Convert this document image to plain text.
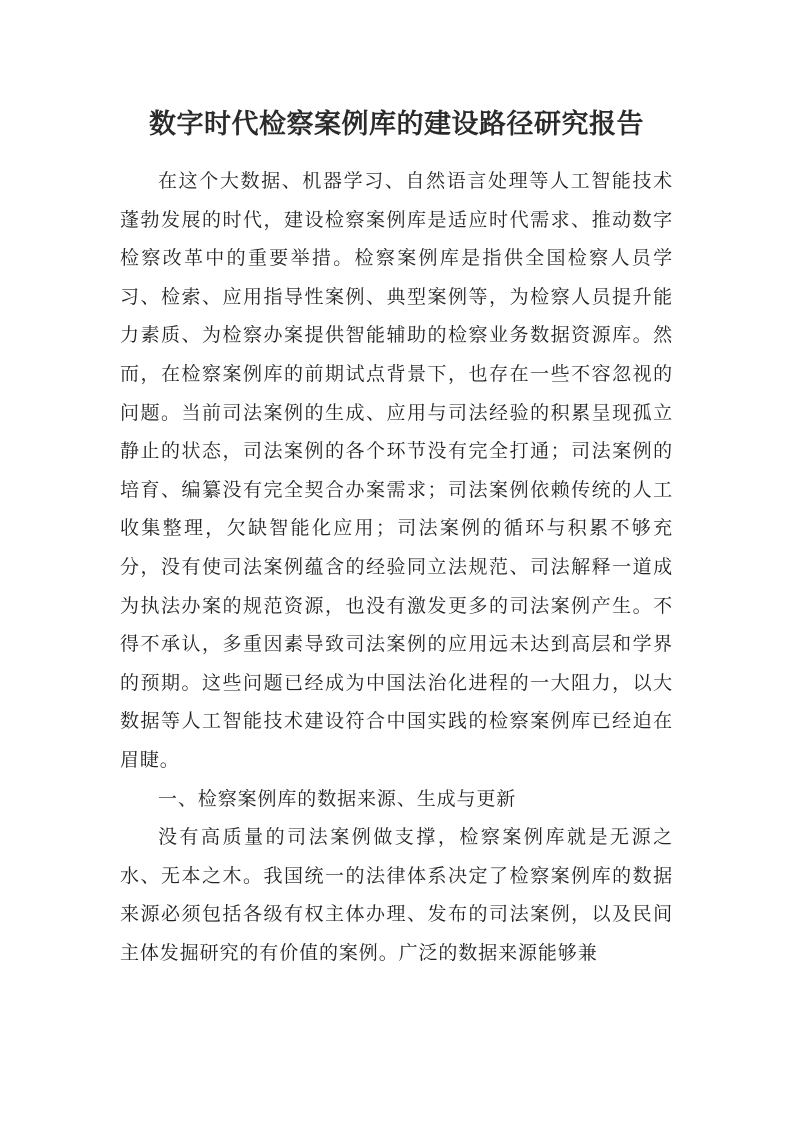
数字时代检察案例库的建设路径研究报告

在这个大数据、机器学习、自然语言处理等人工智能技术蓬勃发展的时代，建设检察案例库是适应时代需求、推动数字检察改革中的重要举措。检察案例库是指供全国检察人员学习、检索、应用指导性案例、典型案例等，为检察人员提升能力素质、为检察办案提供智能辅助的检察业务数据资源库。然而，在检察案例库的前期试点背景下，也存在一些不容忽视的问题。当前司法案例的生成、应用与司法经验的积累呈现孤立静止的状态，司法案例的各个环节没有完全打通；司法案例的培育、编纂没有完全契合办案需求；司法案例依赖传统的人工收集整理，欠缺智能化应用；司法案例的循环与积累不够充分，没有使司法案例蕴含的经验同立法规范、司法解释一道成为执法办案的规范资源，也没有激发更多的司法案例产生。不得不承认，多重因素导致司法案例的应用远未达到高层和学界的预期。这些问题已经成为中国法治化进程的一大阻力，以大数据等人工智能技术建设符合中国实践的检察案例库已经迫在眉睫。

一、检察案例库的数据来源、生成与更新

没有高质量的司法案例做支撑，检察案例库就是无源之水、无本之木。我国统一的法律体系决定了检察案例库的数据来源必须包括各级有权主体办理、发布的司法案例，以及民间主体发掘研究的有价值的案例。广泛的数据来源能够兼
